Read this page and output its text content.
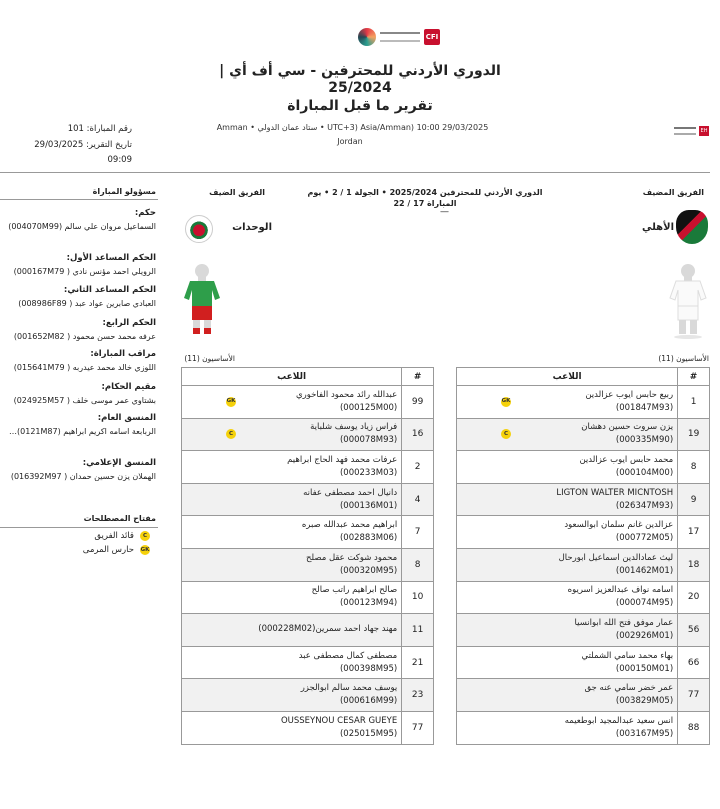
CFI
الدوري الأردني للمحترفين - سي أف أي |
25/2024
تقرير ما قبل المباراة
رقم المباراة: 101
تاريخ التقرير: 29/03/2025
09:09
Amman • ستاد عمان الدولي • UTC+3) Asia/Amman) 10:00 29/03/2025
Jordan
EH
مسؤولو المباراة
حكم:
السماعيل مروان علي سالم (004070M99)
الحكم المساعد الأول:
الرويلي احمد مؤنس نادي ( 000167M79)
الحكم المساعد الثاني:
العبادي صابرين عواد عبد ( 008986F89)
الحكم الرابع:
عرفه محمد حسن محمود ( 001652M82)
مراقب المباراة:
اللوزي خالد محمد عيدربه ( 015641M79)
مقيم الحكام:
بشتاوي عمر موسى خلف ( 024925M57)
المنسق العام:
الربابعة اسامه اكريم ابراهيم (0121M87)…
المنسق الإعلامي:
الهملان يزن حسين حمدان ( 016392M97)
مفتاح المصطلحات
قائد الفريق	C
حارس المرمى GK
الفريق الضيف	الفريق المضيف
الدوري الأردني للمحترفين 2025/2024 • الجولة 1 / 2 • يوم المباراة 17 / 22
—
الوحدات	الأهلي
الأساسيون (11)	الأساسيون (11)
اللاعب	#

عبدالله رائد محمود الفاخوري
(000125M00)
GK	99

فراس زياد يوسف شلباية
(000078M93)
C	16

عرفات محمد فهد الحاج ابراهيم
(000233M03)	2

دانيال احمد مصطفى عفانه
(000136M01)	4

ابراهيم محمد عبدالله صبره
(002883M06)	7

محمود شوكت عقل مصلح
(000320M95)	8

صالح ابراهيم راتب صالح
(000123M94)	10

مهند جهاد احمد سمرين(000228M02)	11

مصطفى كمال مصطفى عبد
(000398M95)	21

يوسف محمد سالم ابوالجزر
(000616M99)	23

OUSSEYNOU CESAR GUEYE
(025015M95)	77
اللاعب	#

ربيع حابس ايوب عزالدين
(001847M93)
GK	1

يزن سروت حسين دهشان
(000335M90)
C	19

محمد حابس ايوب عزالدين
(000104M00)	8

LIGTON WALTER MICNTOSH
(026347M93)	9

عزالدين غانم سلمان ابوالسعود
(000772M05)	17

ليث عمادالدين اسماعيل ابورحال
(001462M01)	18

اسامه نواف عبدالعزيز اسريوه
(000074M95)	20

عمار موفق فتح الله ابوانسيا
(002926M01)	56

بهاء محمد سامي الشملتي
(000150M01)	66

عمر خضر سامي عنه جق
(003829M05)	77

انس سعيد عبدالمجيد ابوطعيمه
(003167M95)	88
